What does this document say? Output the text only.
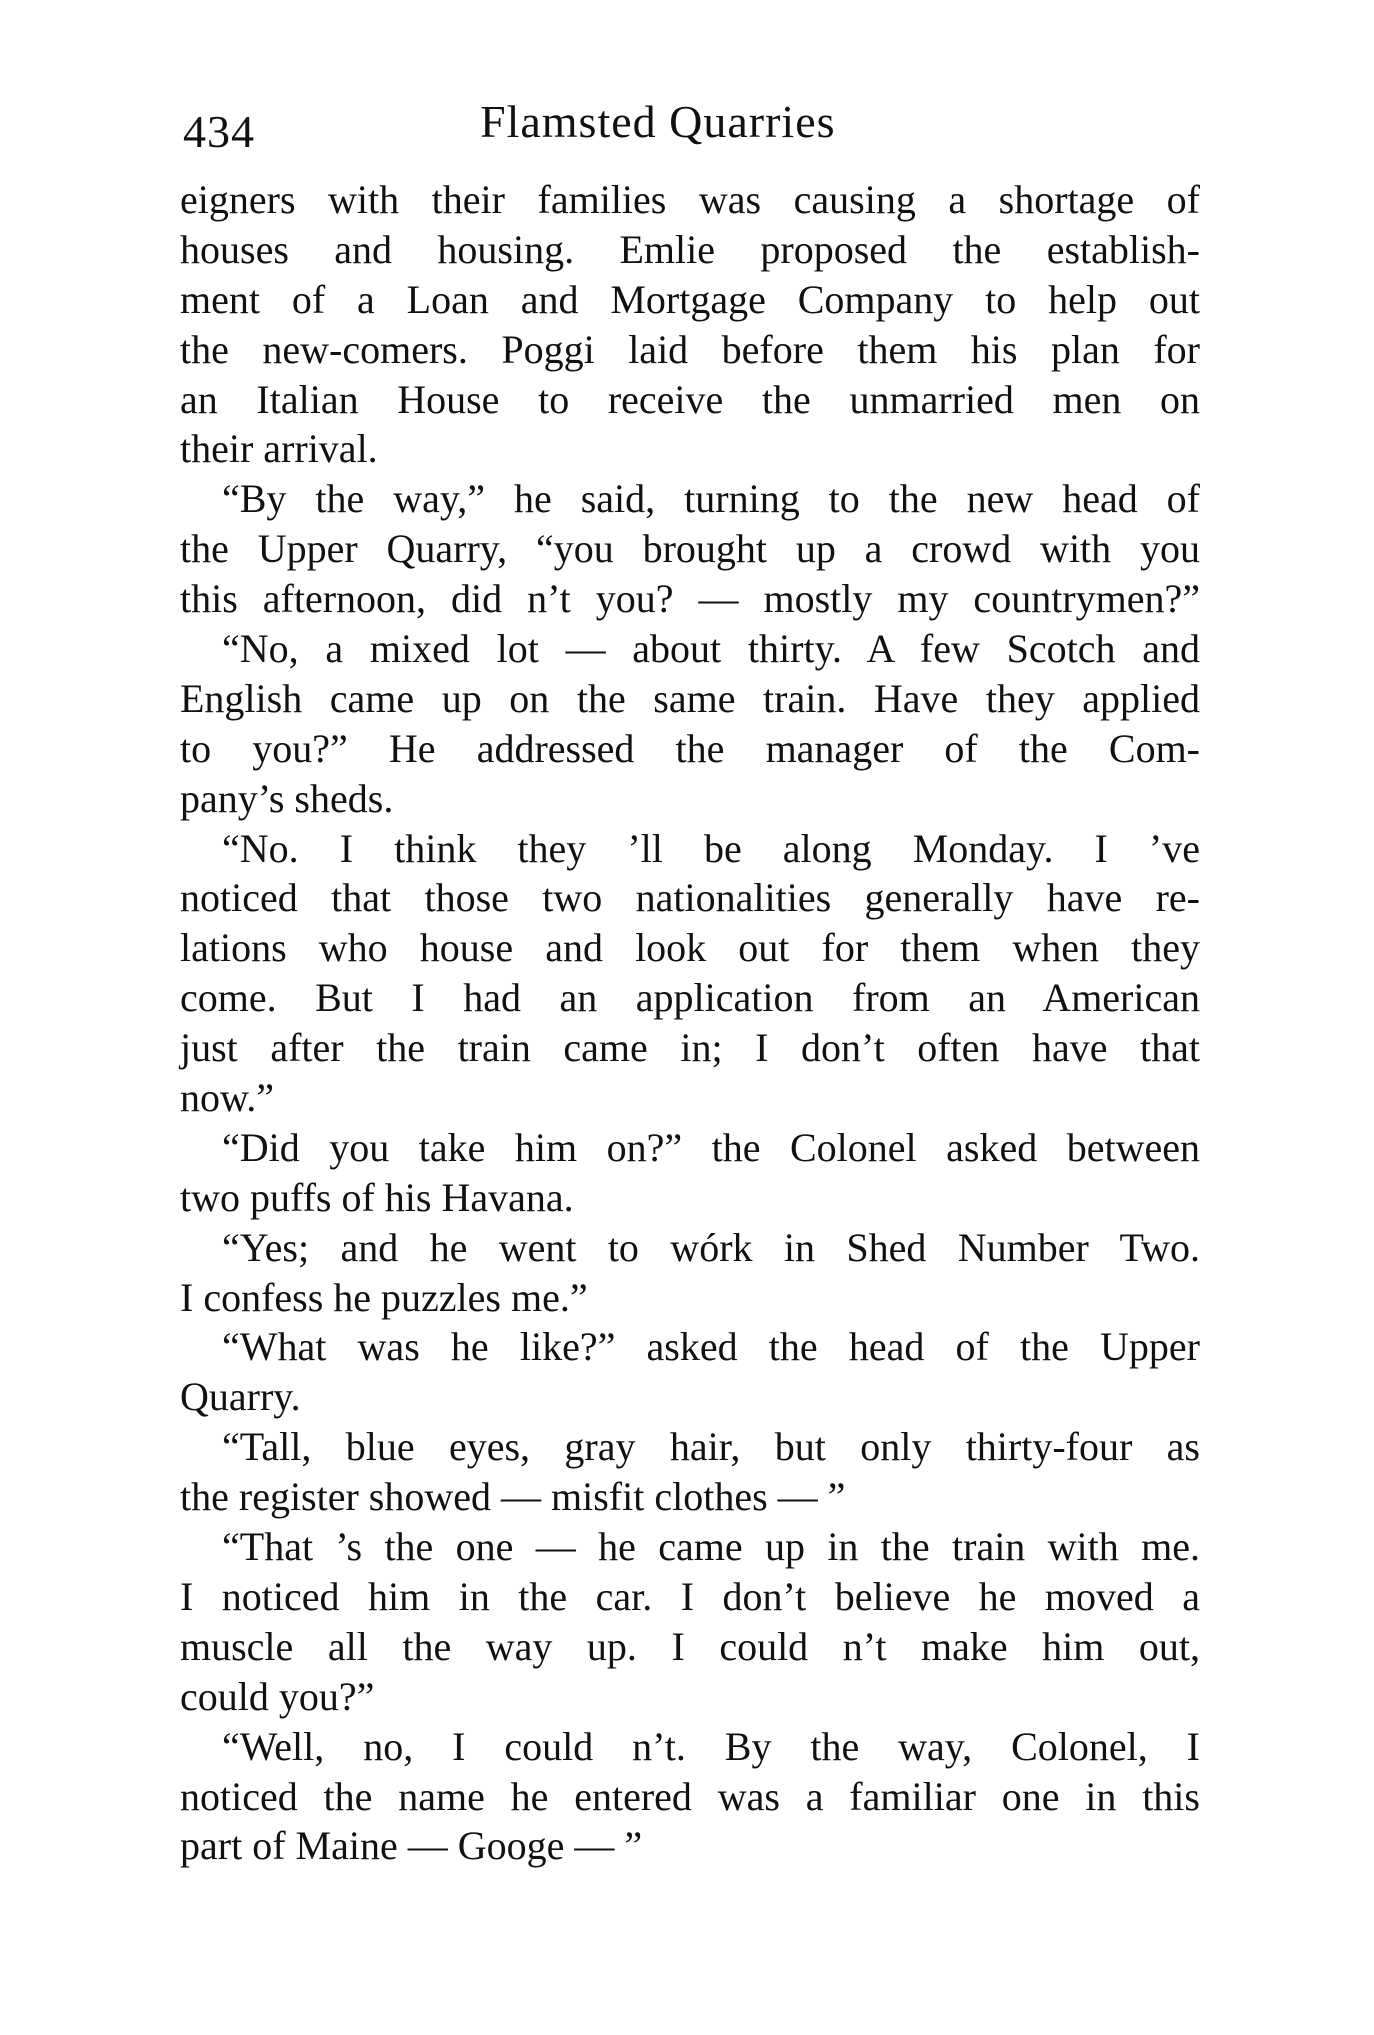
434	Flamsted Quarries
eigners with their families was causing a shortage of
houses and housing. Emlie proposed the establish-
ment of a Loan and Mortgage Company to help out
the new-comers. Poggi laid before them his plan for
an Italian House to receive the unmarried men on
their arrival.
“By the way,” he said, turning to the new head of
the Upper Quarry, “you brought up a crowd with you
this afternoon, did n’t you? — mostly my countrymen?”
“No, a mixed lot — about thirty. A few Scotch and
English came up on the same train. Have they applied
to you?” He addressed the manager of the Com-
pany’s sheds.
“No. I think they ’ll be along Monday. I ’ve
noticed that those two nationalities generally have re-
lations who house and look out for them when they
come. But I had an application from an American
just after the train came in; I don’t often have that
now.”
“Did you take him on?” the Colonel asked between
two puffs of his Havana.
“Yes; and he went to wórk in Shed Number Two.
I confess he puzzles me.”
“What was he like?” asked the head of the Upper
Quarry.
“Tall, blue eyes, gray hair, but only thirty-four as
the register showed — misfit clothes — ”
“That ’s the one — he came up in the train with me.
I noticed him in the car. I don’t believe he moved a
muscle all the way up. I could n’t make him out,
could you?”
“Well, no, I could n’t. By the way, Colonel, I
noticed the name he entered was a familiar one in this
part of Maine — Googe — ”
